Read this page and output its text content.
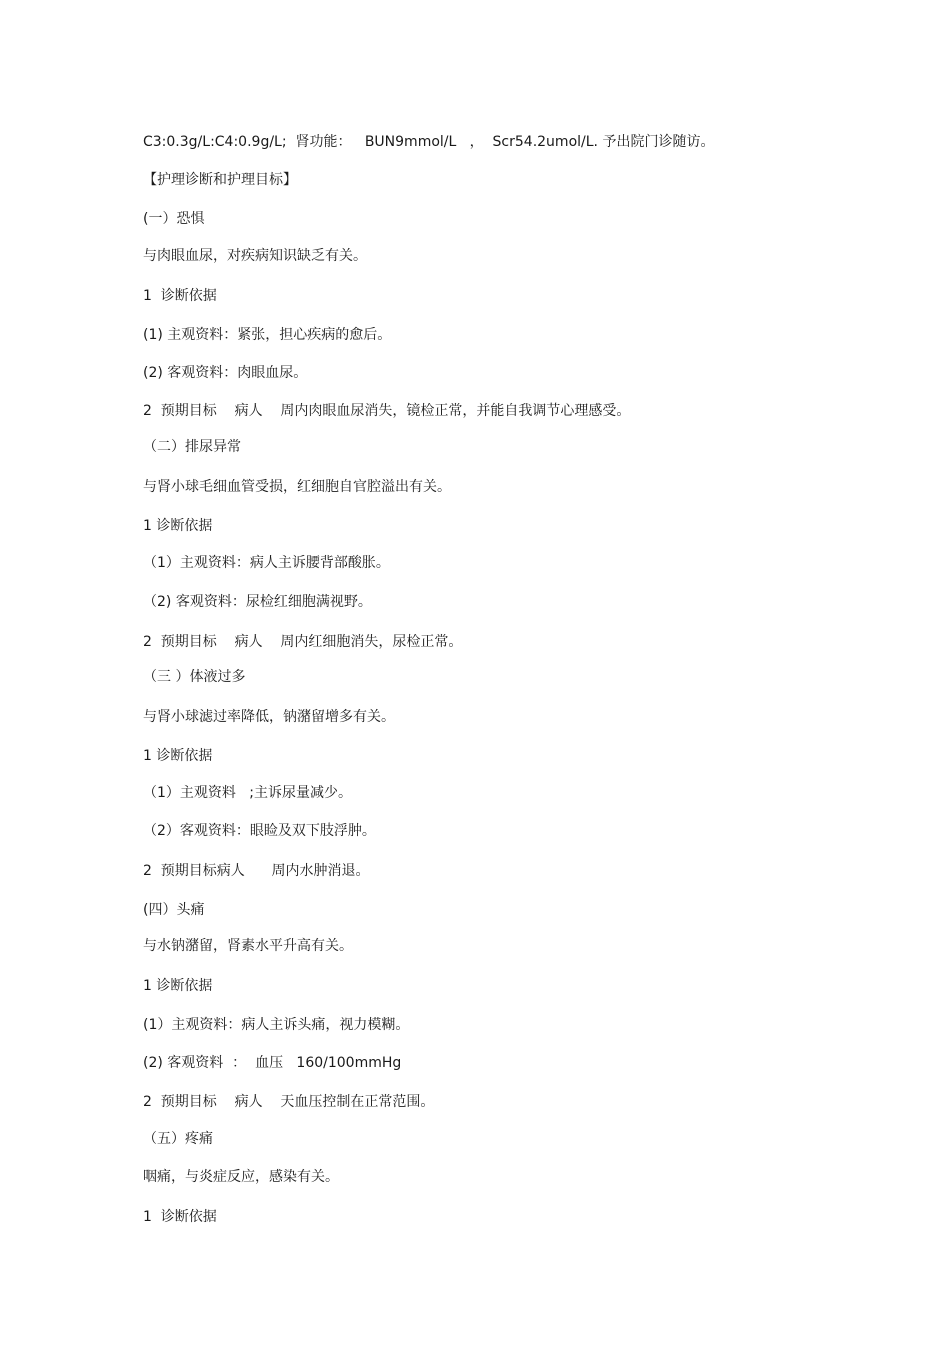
C3:0.3g/L:C4:0.9g/L;  肾功能：   BUN9mmol/L   ，  Scr54.2umol/L. 予出院门诊随访。

【护理诊断和护理目标】

(一）恐惧

与肉眼血尿，对疾病知识缺乏有关。

1  诊断依据

(1) 主观资料：紧张，担心疾病的愈后。

(2) 客观资料：肉眼血尿。

2  预期目标    病人    周内肉眼血尿消失，镜检正常，并能自我调节心理感受。

（二）排尿异常

与肾小球毛细血管受损，红细胞自官腔溢出有关。

1 诊断依据

（1）主观资料：病人主诉腰背部酸胀。

（2) 客观资料：尿检红细胞满视野。

2  预期目标    病人    周内红细胞消失，尿检正常。

（三 ）体液过多

与肾小球滤过率降低，钠潴留增多有关。

1 诊断依据

（1）主观资料   ;主诉尿量减少。

（2）客观资料：眼睑及双下肢浮肿。

2  预期目标病人      周内水肿消退。

(四）头痛

与水钠潴留，肾素水平升高有关。

1 诊断依据

(1）主观资料：病人主诉头痛，视力模糊。

(2) 客观资料  ：  血压   160/100mmHg

2  预期目标    病人    天血压控制在正常范围。

（五）疼痛

咽痛，与炎症反应，感染有关。

1  诊断依据
